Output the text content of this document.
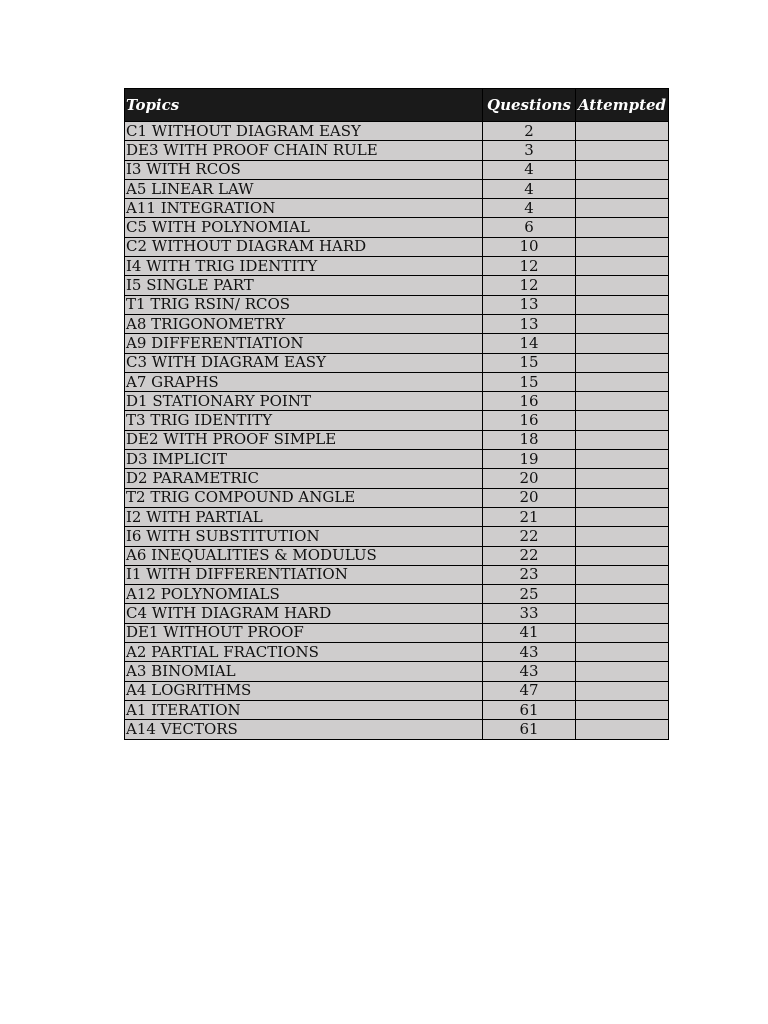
Topics	Questions	Attempted
C1 WITHOUT DIAGRAM EASY	2	
DE3 WITH PROOF CHAIN RULE	3	
I3 WITH RCOS	4	
A5 LINEAR LAW	4	
A11 INTEGRATION	4	
C5 WITH POLYNOMIAL	6	
C2 WITHOUT DIAGRAM HARD	10	
I4 WITH TRIG IDENTITY	12	
I5 SINGLE PART	12	
T1 TRIG RSIN/ RCOS	13	
A8 TRIGONOMETRY	13	
A9 DIFFERENTIATION	14	
C3 WITH DIAGRAM EASY	15	
A7 GRAPHS	15	
D1 STATIONARY POINT	16	
T3 TRIG IDENTITY	16	
DE2 WITH PROOF SIMPLE	18	
D3 IMPLICIT	19	
D2 PARAMETRIC	20	
T2 TRIG COMPOUND ANGLE	20	
I2 WITH PARTIAL	21	
I6 WITH SUBSTITUTION	22	
A6 INEQUALITIES & MODULUS	22	
I1 WITH DIFFERENTIATION	23	
A12 POLYNOMIALS	25	
C4 WITH DIAGRAM HARD	33	
DE1 WITHOUT PROOF	41	
A2 PARTIAL FRACTIONS	43	
A3 BINOMIAL	43	
A4 LOGRITHMS	47	
A1 ITERATION	61	
A14 VECTORS	61	
